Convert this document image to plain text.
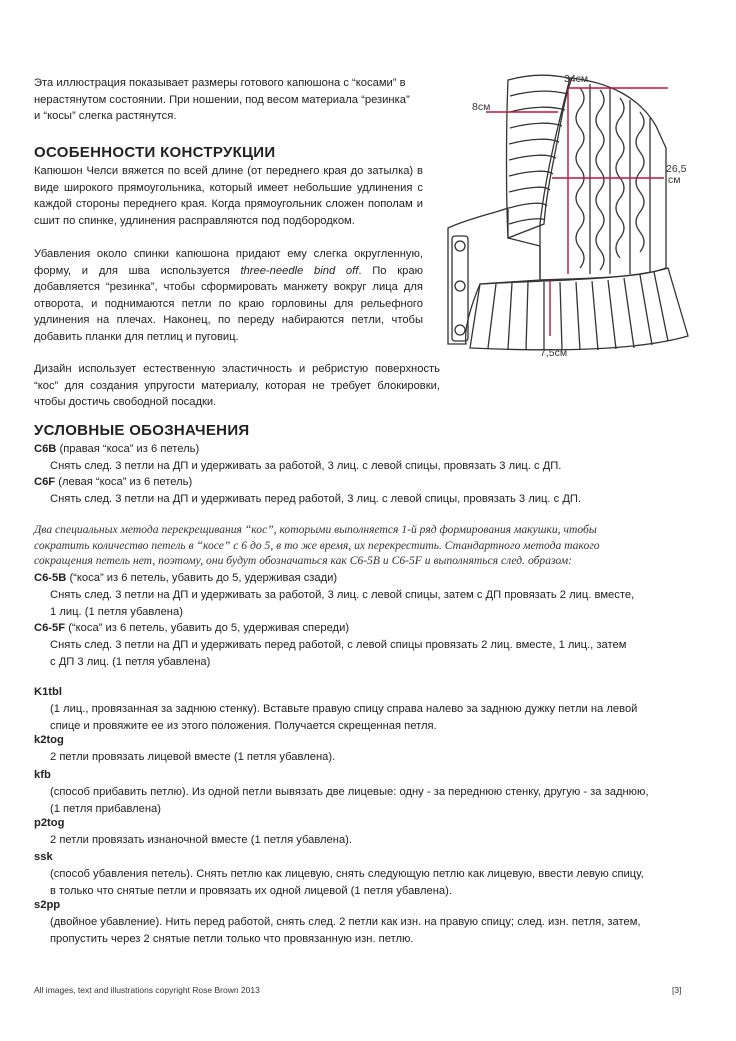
Эта иллюстрация показывает размеры готового капюшона с “косами” в
нерастянутом состоянии. При ношении, под весом материала “резинка”
и “косы” слегка растянутся.

ОСОБЕННОСТИ КОНСТРУКЦИИ

Капюшон Челси вяжется по всей длине (от переднего края до затылка) в виде широкого прямоугольника, который имеет небольшие удлинения с каждой стороны переднего края. Когда прямоугольник сложен пополам и сшит по спинке, удлинения расправляются под подбородком.

Убавления около спинки капюшона придают ему слегка округленную, форму, и для шва используется three-needle bind off. По краю добавляется “резинка”, чтобы сформировать манжету вокруг лица для отворота, и поднимаются петли по краю горловины для рельефного удлинения на плечах. Наконец, по переду набираются петли, чтобы добавить планки для петлиц и пуговиц.

Дизайн использует естественную эластичность и ребристую поверхность “кос” для создания упругости материалу, которая не требует блокировки, чтобы достичь свободной посадки.

34см
8см
26,5
см
7,5см
УСЛОВНЫЕ ОБОЗНАЧЕНИЯ

C6B (правая “коса” из 6 петель)

Снять след. 3 петли на ДП и удерживать за работой, 3 лиц. с левой спицы, провязать 3 лиц. с ДП.

C6F (левая “коса” из 6 петель)

Снять след. 3 петли на ДП и удерживать перед работой, 3 лиц. с левой спицы, провязать 3 лиц. с ДП.

Два специальных метода перекрещивания “кос”, которыми выполняется 1-й ряд формирования макушки, чтобы
сократить количество петель в “косе” с 6 до 5, в то же время, их перекрестить. Стандартного метода такого
сокращения петель нет, поэтому, они будут обозначаться как C6-5B и C6-5F и выполняться след. образом:

C6-5B (“коса” из 6 петель, убавить до 5, удерживая сзади)

Снять след. 3 петли на ДП и удерживать за работой, 3 лиц. с левой спицы, затем с ДП провязать 2 лиц. вместе,
1 лиц. (1 петля убавлена)

C6-5F (“коса” из 6 петель, убавить до 5, удерживая спереди)

Снять след. 3 петли на ДП и удерживать перед работой, с левой спицы провязать 2 лиц. вместе, 1 лиц., затем
с ДП 3 лиц. (1 петля убавлена)

K1tbl

(1 лиц., провязанная за заднюю стенку). Вставьте правую спицу справа налево за заднюю дужку петли на левой
спице и провяжите ее из этого положения. Получается скрещенная петля.

k2tog

2 петли провязать лицевой вместе (1 петля убавлена).

kfb

(способ прибавить петлю). Из одной петли вывязать две лицевые: одну - за переднюю стенку, другую - за заднюю,
(1 петля прибавлена)

p2tog

2 петли провязать изнаночной вместе (1 петля убавлена).

ssk

(способ убавления петель). Снять петлю как лицевую, снять следующую петлю как лицевую, ввести левую спицу,
в только что снятые петли и провязать их одной лицевой (1 петля убавлена).

s2pp

(двойное убавление). Нить перед работой, снять след. 2 петли как изн. на правую спицу; след. изн. петля, затем,
пропустить через 2 снятые петли только что провязанную изн. петлю.

All images, text and illustrations copyright Rose Brown 2013	[3]
